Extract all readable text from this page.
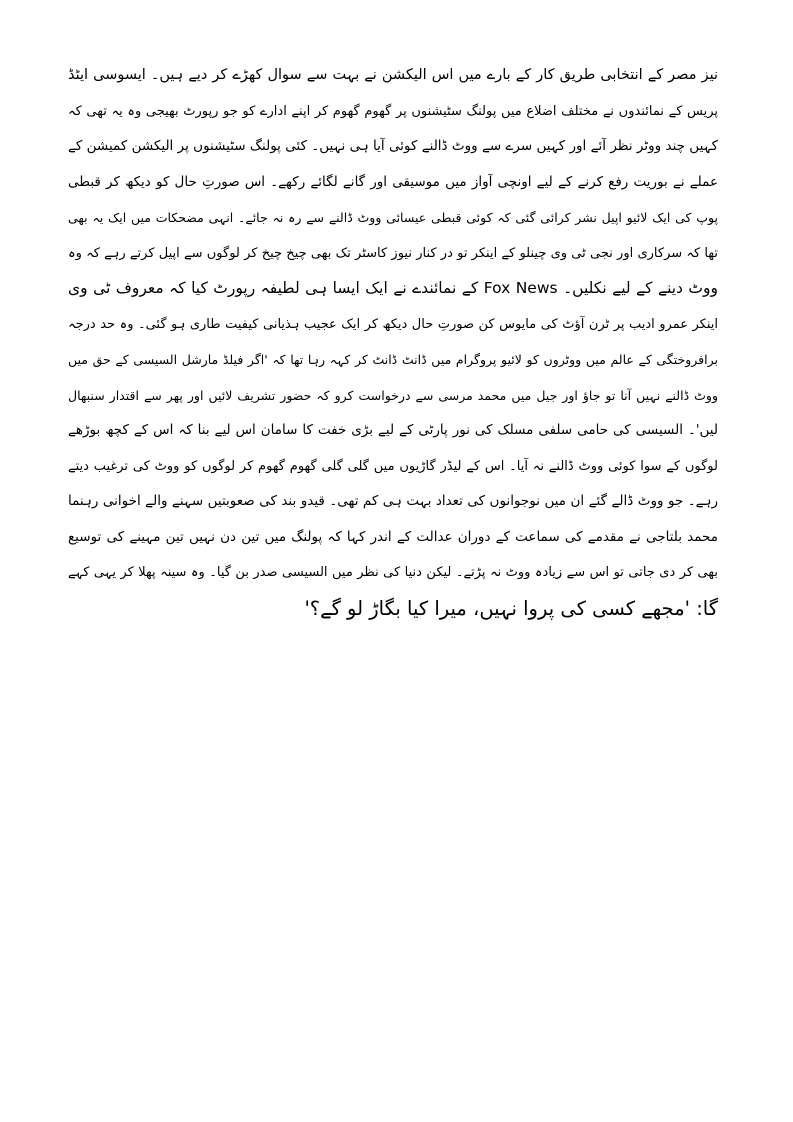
نیز مصر کے انتخابی طریق کار کے بارے میں اس الیکشن نے بہت سے سوال کھڑے کر دیے ہیں۔ ایسوسی ایٹڈ
پریس کے نمائندوں نے مختلف اضلاع میں پولنگ سٹیشنوں پر گھوم گھوم کر اپنے ادارے کو جو رپورٹ بھیجی وہ یہ تھی کہ
کہیں چند ووٹر نظر آئے اور کہیں سرے سے ووٹ ڈالنے کوئی آیا ہی نہیں۔ کئی پولنگ سٹیشنوں پر الیکشن کمیشن کے
عملے نے بوریت رفع کرنے کے لیے اونچی آواز میں موسیقی اور گانے لگائے رکھے۔ اس صورتِ حال کو دیکھ کر قبطی
پوپ کی ایک لائیو اپیل نشر کرائی گئی کہ کوئی قبطی عیسائی ووٹ ڈالنے سے رہ نہ جائے۔ انہی مضحکات میں ایک یہ بھی
تھا کہ سرکاری اور نجی ٹی وی چینلو کے اینکر تو در کنار نیوز کاسٹر تک بھی چیخ چیخ کر لوگوں سے اپیل کرتے رہے کہ وہ
ووٹ دینے کے لیے نکلیں۔ Fox News کے نمائندے نے ایک ایسا ہی لطیفہ رپورٹ کیا کہ معروف ٹی وی
اینکر عمرو ادیب پر ٹرن آؤٹ کی مایوس کن صورتِ حال دیکھ کر ایک عجیب ہذیانی کیفیت طاری ہو گئی۔ وہ حد درجہ
برافروختگی کے عالم میں ووٹروں کو لائیو پروگرام میں ڈانٹ ڈانٹ کر کہہ رہا تھا کہ 'اگر فیلڈ مارشل السیسی کے حق میں
ووٹ ڈالنے نہیں آنا تو جاؤ اور جیل میں محمد مرسی سے درخواست کرو کہ حضور تشریف لائیں اور پھر سے اقتدار سنبھال
لیں'۔ السیسی کی حامی سلفی مسلک کی نور پارٹی کے لیے بڑی خفت کا سامان اس لیے بنا کہ اس کے کچھ بوڑھے
لوگوں کے سوا کوئی ووٹ ڈالنے نہ آیا۔ اس کے لیڈر گاڑیوں میں گلی گلی گھوم گھوم کر لوگوں کو ووٹ کی ترغیب دیتے
رہے۔ جو ووٹ ڈالے گئے ان میں نوجوانوں کی تعداد بہت ہی کم تھی۔ قیدو بند کی صعوبتیں سہنے والے اخوانی رہنما
محمد بلتاجی نے مقدمے کی سماعت کے دوران عدالت کے اندر کہا کہ پولنگ میں تین دن نہیں تین مہینے کی توسیع
بھی کر دی جاتی تو اس سے زیادہ ووٹ نہ پڑتے۔ لیکن دنیا کی نظر میں السیسی صدر بن گیا۔ وہ سینہ پھلا کر یہی کہے
گا: 'مجھے کسی کی پروا نہیں، میرا کیا بگاڑ لو گے؟'
